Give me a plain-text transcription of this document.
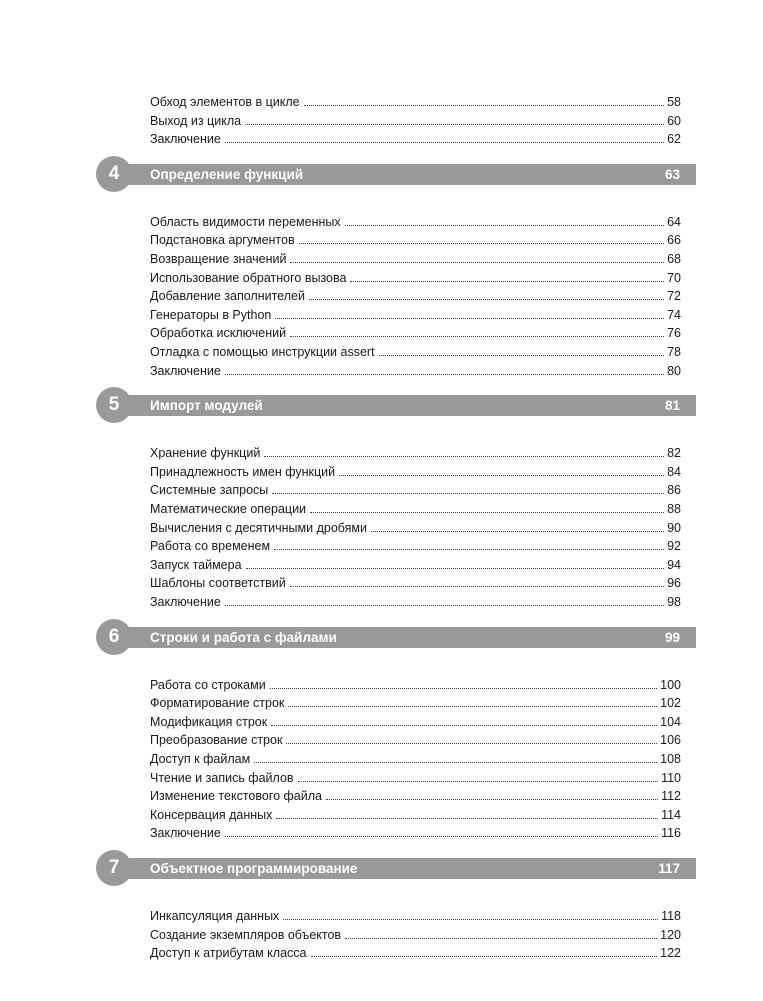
Обход элементов в цикле	58
Выход из цикла	60
Заключение	62
4	Определение функций	63
Область видимости переменных	64
Подстановка аргументов	66
Возвращение значений	68
Использование обратного вызова	70
Добавление заполнителей	72
Генераторы в Python	74
Обработка исключений	76
Отладка с помощью инструкции assert	78
Заключение	80
5	Импорт модулей	81
Хранение функций	82
Принадлежность имен функций	84
Системные запросы	86
Математические операции	88
Вычисления с десятичными дробями	90
Работа со временем	92
Запуск таймера	94
Шаблоны соответствий	96
Заключение	98
6	Строки и работа с файлами	99
Работа со строками	100
Форматирование строк	102
Модификация строк	104
Преобразование строк	106
Доступ к файлам	108
Чтение и запись файлов	110
Изменение текстового файла	112
Консервация данных	114
Заключение	116
7	Объектное программирование	117
Инкапсуляция данных	118
Создание экземпляров объектов	120
Доступ к атрибутам класса	122
